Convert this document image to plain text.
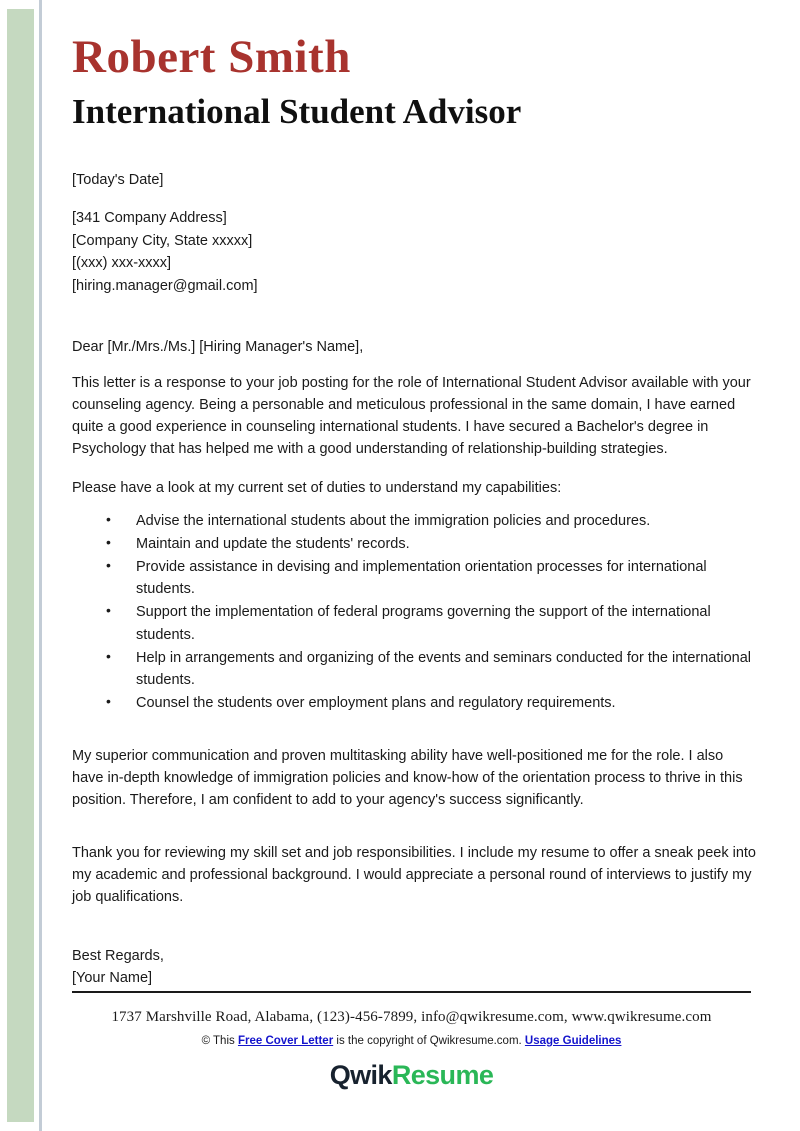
Robert Smith
International Student Advisor
[Today's Date]
[341 Company Address]
[Company City, State xxxxx]
[(xxx) xxx-xxxx]
[hiring.manager@gmail.com]
Dear [Mr./Mrs./Ms.] [Hiring Manager's Name],

This letter is a response to your job posting for the role of International Student Advisor available with your counseling agency. Being a personable and meticulous professional in the same domain, I have earned quite a good experience in counseling international students. I have secured a Bachelor's degree in Psychology that has helped me with a good understanding of relationship-building strategies.

Please have a look at my current set of duties to understand my capabilities:

• Advise the international students about the immigration policies and procedures.
• Maintain and update the students' records.
• Provide assistance in devising and implementation orientation processes for international students.
• Support the implementation of federal programs governing the support of the international students.
• Help in arrangements and organizing of the events and seminars conducted for the international students.
• Counsel the students over employment plans and regulatory requirements.

My superior communication and proven multitasking ability have well-positioned me for the role. I also have in-depth knowledge of immigration policies and know-how of the orientation process to thrive in this position. Therefore, I am confident to add to your agency's success significantly.

Thank you for reviewing my skill set and job responsibilities. I include my resume to offer a sneak peek into my academic and professional background. I would appreciate a personal round of interviews to justify my job qualifications.

Best Regards,
[Your Name]
1737 Marshville Road, Alabama, (123)-456-7899, info@qwikresume.com, www.qwikresume.com
© This Free Cover Letter is the copyright of Qwikresume.com. Usage Guidelines
QwikResume
